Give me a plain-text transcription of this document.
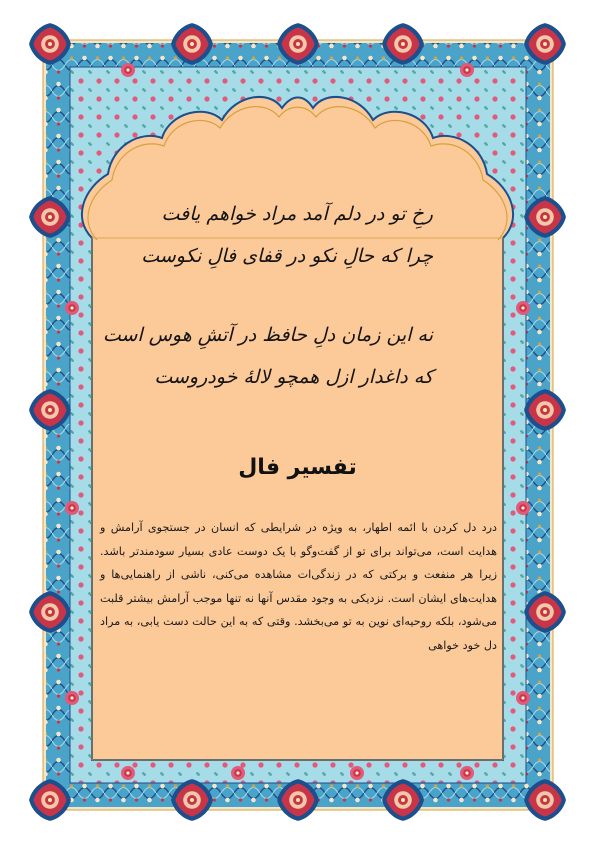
رخِ تو در دلم آمد مراد خواهم یافت
چرا که حالِ نکو در قفای فالِ نکوست
نه این زمان دلِ حافظ در آتشِ هوس است
که داغدار ازل همچو لالهٔ خودروست
تفسیر فال
درد دل کردن با ائمه اطهار، به ویژه در شرایطی که انسان در جستجوی آرامش و هدایت است، می‌تواند برای تو از گفت‌وگو با یک دوست عادی بسیار سودمندتر باشد. زیرا هر منفعت و برکتی که در زندگی‌ات مشاهده می‌کنی، ناشی از راهنمایی‌ها و هدایت‌های ایشان است. نزدیکی به وجود مقدس آنها نه تنها موجب آرامش بیشتر قلبت می‌شود، بلکه روحیه‌ای نوین به تو می‌بخشد. وقتی که به این حالت دست یابی، به مراد دل خود خواهی
